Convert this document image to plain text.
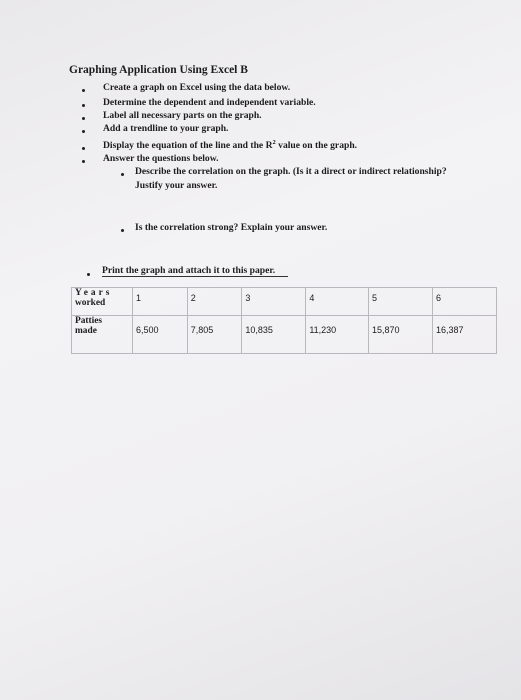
Graphing Application Using Excel B
Create a graph on Excel using the data below.
Determine the dependent and independent variable.
Label all necessary parts on the graph.
Add a trendline to your graph.
Display the equation of the line and the $R^2$ value on the graph.
Answer the questions below.
Describe the correlation on the graph. (Is it a direct or indirect relationship?
Justify your answer.
Is the correlation strong? Explain your answer.
Print the graph and attach it to this paper.
Years
worked	1	2	3	4	5	6
Patties
made	6,500	7,805	10,835	11,230	15,870	16,387
